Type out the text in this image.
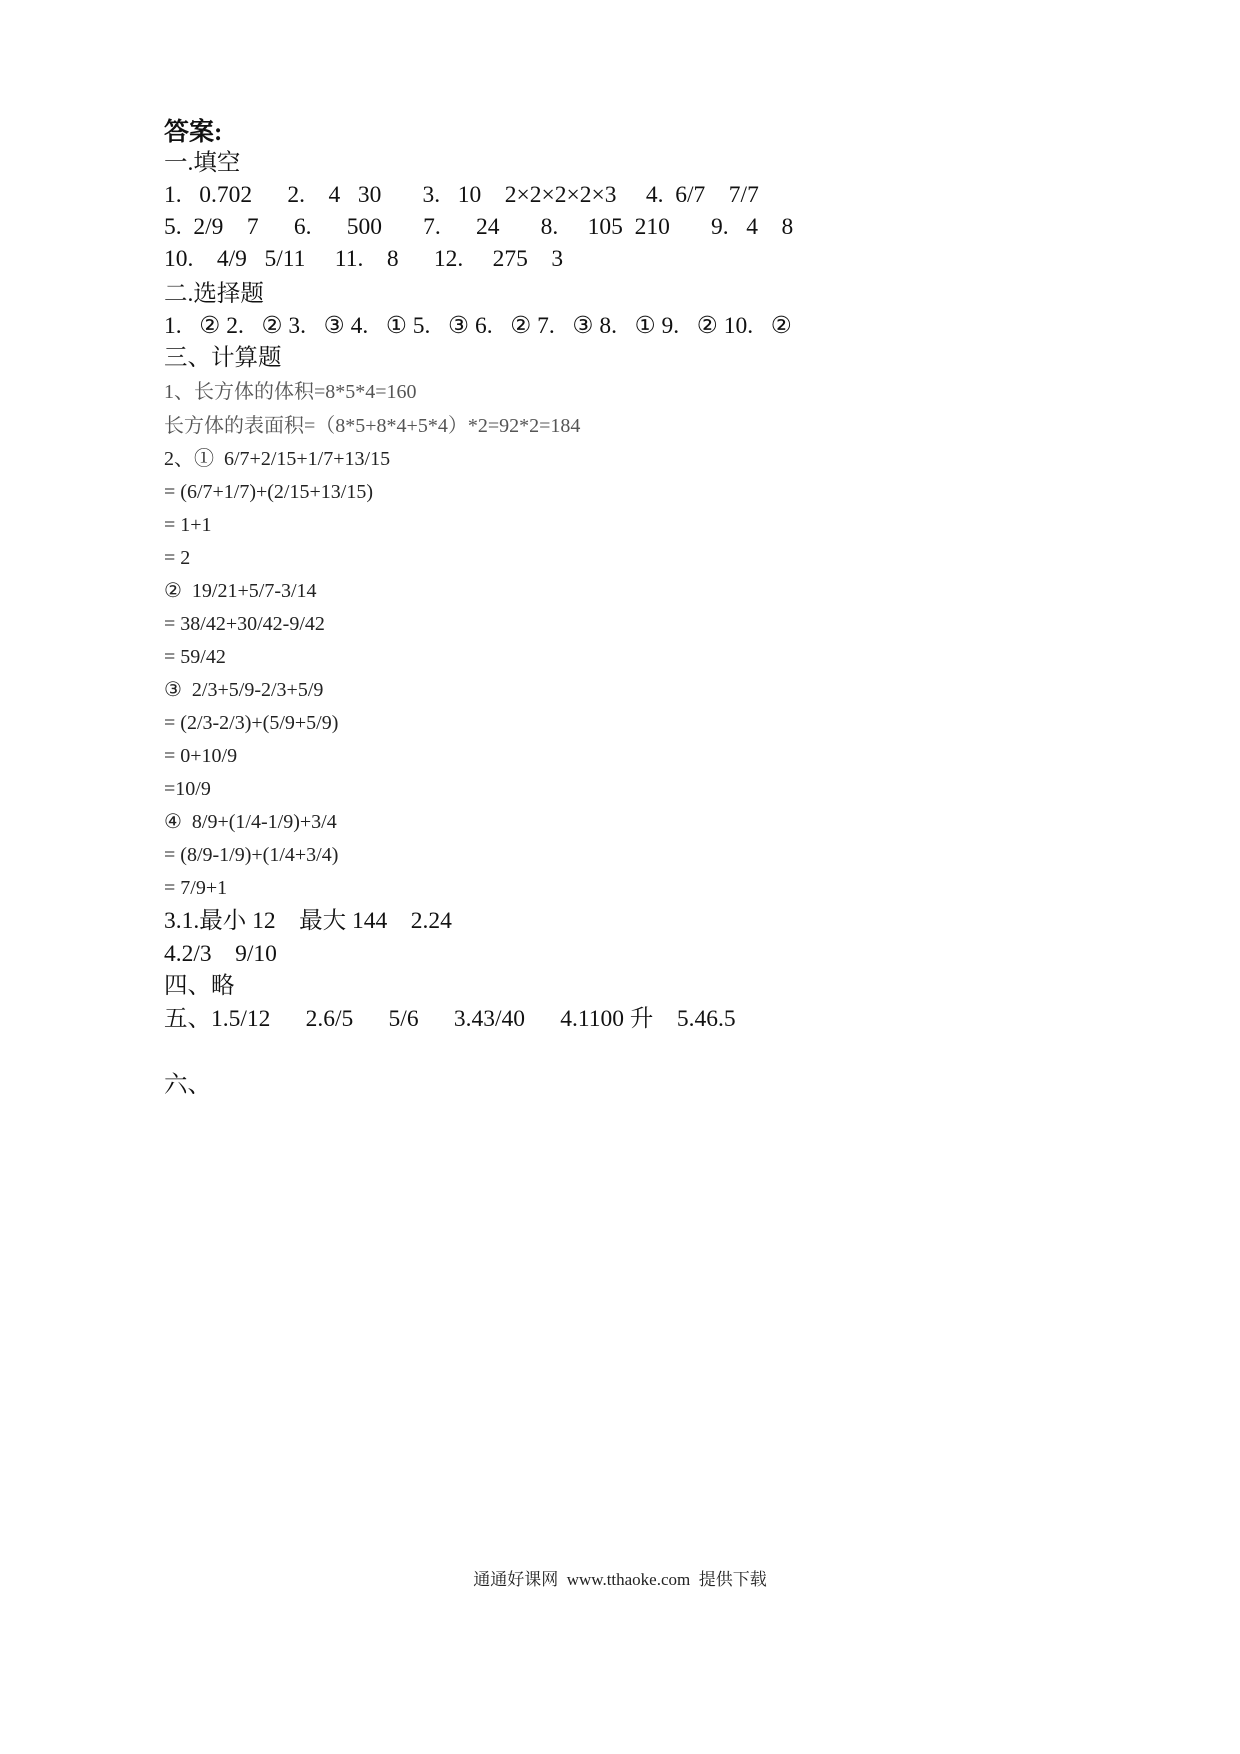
答案:

一.填空

1.   0.702      2.    4   30       3.   10    2×2×2×2×3     4.  6/7    7/7

5.  2/9    7      6.      500       7.      24       8.     105  210       9.   4    8

10.    4/9   5/11     11.    8      12.     275    3

二.选择题

1.   ② 2.   ② 3.   ③ 4.   ① 5.   ③ 6.   ② 7.   ③ 8.   ① 9.   ② 10.   ②

三、计算题

1、长方体的体积=8*5*4=160

长方体的表面积=（8*5+8*4+5*4）*2=92*2=184

2、①  6/7+2/15+1/7+13/15

= (6/7+1/7)+(2/15+13/15)

= 1+1

= 2

②  19/21+5/7-3/14

= 38/42+30/42-9/42

= 59/42

③  2/3+5/9-2/3+5/9

= (2/3-2/3)+(5/9+5/9)

= 0+10/9

=10/9

④  8/9+(1/4-1/9)+3/4

= (8/9-1/9)+(1/4+3/4)

= 7/9+1

3.1.最小 12    最大 144    2.24

4.2/3    9/10

四、略

五、1.5/12      2.6/5      5/6      3.43/40      4.1100 升    5.46.5

六、

通通好课网  www.tthaoke.com  提供下载
